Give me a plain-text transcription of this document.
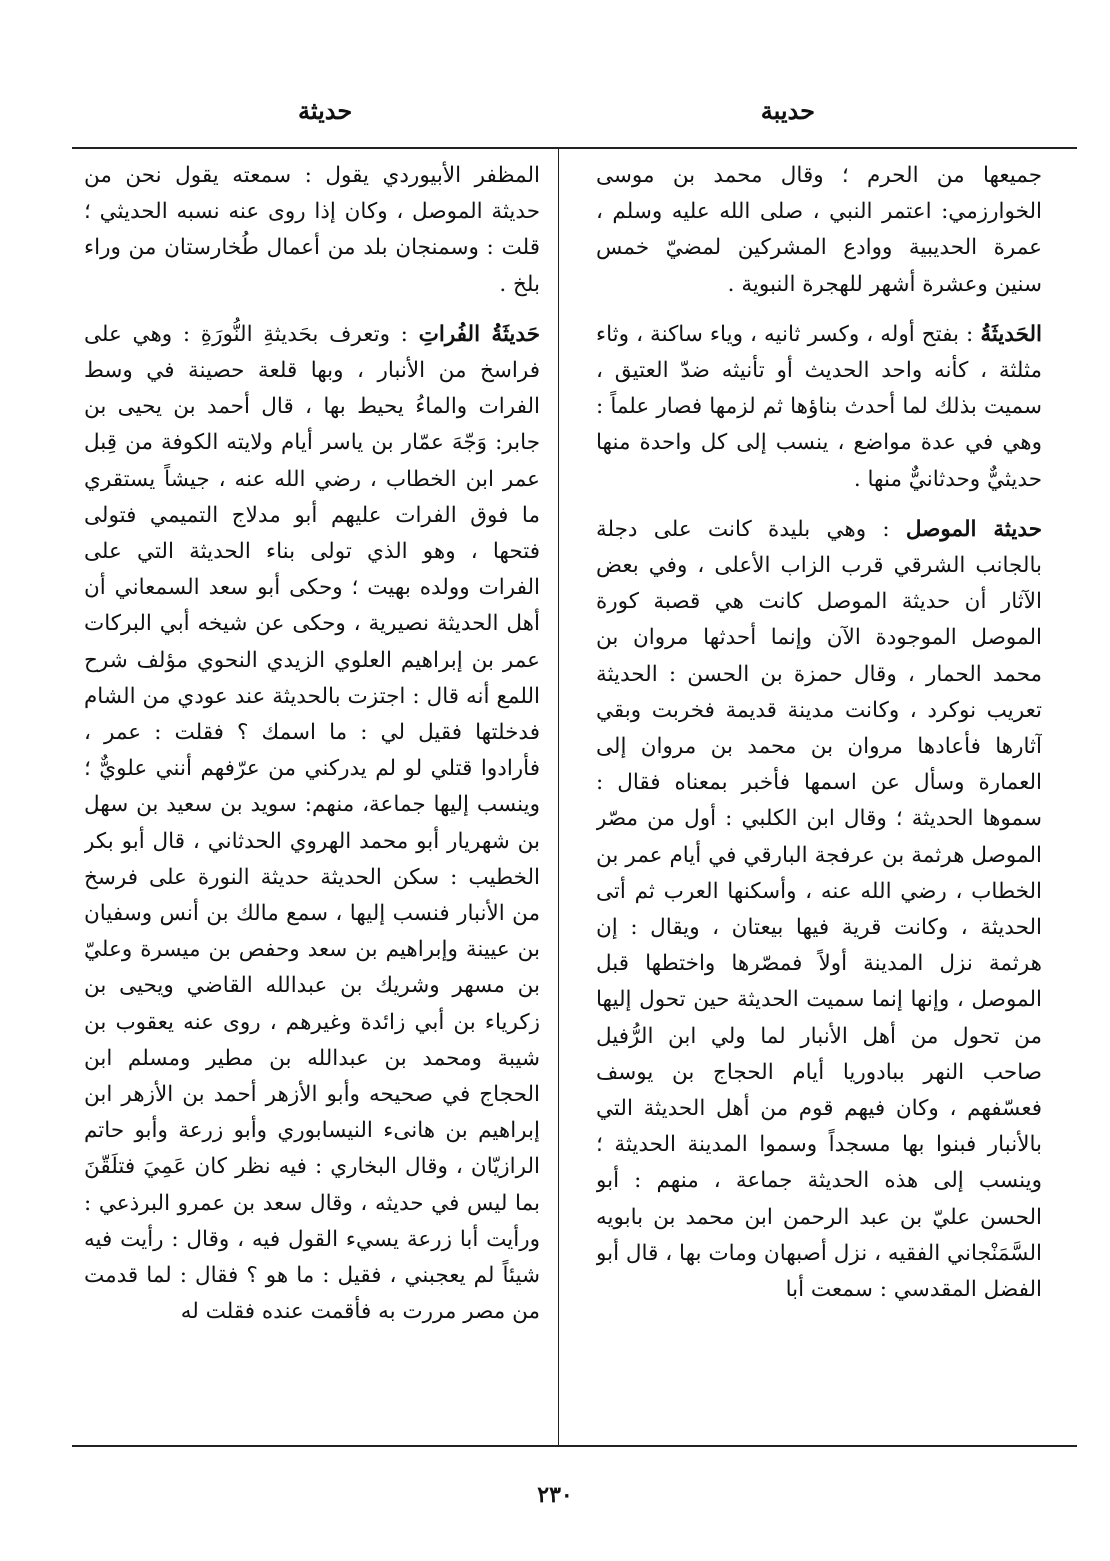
حديبة
حديثة

جميعها من الحرم ؛ وقال محمد بن موسى الخوارزمي: اعتمر النبي ، صلى الله عليه وسلم ، عمرة الحديبية ووادع المشركين لمضيّ خمس سنين وعشرة أشهر للهجرة النبوية .

الحَديثَةُ : بفتح أوله ، وكسر ثانيه ، وياء ساكنة ، وثاء مثلثة ، كأنه واحد الحديث أو تأنيثه ضدّ العتيق ، سميت بذلك لما أحدث بناؤها ثم لزمها فصار علماً : وهي في عدة مواضع ، ينسب إلى كل واحدة منها حديثيٌّ وحدثانيٌّ منها .

حديثة الموصل : وهي بليدة كانت على دجلة بالجانب الشرقي قرب الزاب الأعلى ، وفي بعض الآثار أن حديثة الموصل كانت هي قصبة كورة الموصل الموجودة الآن وإنما أحدثها مروان بن محمد الحمار ، وقال حمزة بن الحسن : الحديثة تعريب نوكرد ، وكانت مدينة قديمة فخربت وبقي آثارها فأعادها مروان بن محمد بن مروان إلى العمارة وسأل عن اسمها فأخبر بمعناه فقال : سموها الحديثة ؛ وقال ابن الكلبي : أول من مصّر الموصل هرثمة بن عرفجة البارقي في أيام عمر بن الخطاب ، رضي الله عنه ، وأسكنها العرب ثم أتى الحديثة ، وكانت قرية فيها بيعتان ، ويقال : إن هرثمة نزل المدينة أولاً فمصّرها واختطها قبل الموصل ، وإنها إنما سميت الحديثة حين تحول إليها من تحول من أهل الأنبار لما ولي ابن الرُّفيل صاحب النهر ببادوريا أيام الحجاج بن يوسف فعسّفهم ، وكان فيهم قوم من أهل الحديثة التي بالأنبار فبنوا بها مسجداً وسموا المدينة الحديثة ؛ وينسب إلى هذه الحديثة جماعة ، منهم : أبو الحسن عليّ بن عبد الرحمن ابن محمد بن بابويه السَّمَنْجاني الفقيه ، نزل أصبهان ومات بها ، قال أبو الفضل المقدسي : سمعت أبا

المظفر الأبيوردي يقول : سمعته يقول نحن من حديثة الموصل ، وكان إذا روى عنه نسبه الحديثي ؛ قلت : وسمنجان بلد من أعمال طُخارستان من وراء بلخ .

حَديثَةُ الفُراتِ : وتعرف بحَديثةِ النُّورَةِ : وهي على فراسخ من الأنبار ، وبها قلعة حصينة في وسط الفرات والماءُ يحيط بها ، قال أحمد بن يحيى بن جابر: وَجّهَ عمّار بن ياسر أيام ولايته الكوفة من قِبل عمر ابن الخطاب ، رضي الله عنه ، جيشاً يستقري ما فوق الفرات عليهم أبو مدلاج التميمي فتولى فتحها ، وهو الذي تولى بناء الحديثة التي على الفرات وولده بهيت ؛ وحكى أبو سعد السمعاني أن أهل الحديثة نصيرية ، وحكى عن شيخه أبي البركات عمر بن إبراهيم العلوي الزيدي النحوي مؤلف شرح اللمع أنه قال : اجتزت بالحديثة عند عودي من الشام فدخلتها فقيل لي : ما اسمك ؟ فقلت : عمر ، فأرادوا قتلي لو لم يدركني من عرّفهم أنني علويٌّ ؛ وينسب إليها جماعة، منهم: سويد بن سعيد بن سهل بن شهريار أبو محمد الهروي الحدثاني ، قال أبو بكر الخطيب : سكن الحديثة حديثة النورة على فرسخ من الأنبار فنسب إليها ، سمع مالك بن أنس وسفيان بن عيينة وإبراهيم بن سعد وحفص بن ميسرة وعليّ بن مسهر وشريك بن عبدالله القاضي ويحيى بن زكرياء بن أبي زائدة وغيرهم ، روى عنه يعقوب بن شيبة ومحمد بن عبدالله بن مطير ومسلم ابن الحجاج في صحيحه وأبو الأزهر أحمد بن الأزهر ابن إبراهيم بن هانىء النيسابوري وأبو زرعة وأبو حاتم الرازيّان ، وقال البخاري : فيه نظر كان عَمِيَ فتلَقّنَ بما ليس في حديثه ، وقال سعد بن عمرو البرذعي : ورأيت أبا زرعة يسيء القول فيه ، وقال : رأيت فيه شيئاً لم يعجبني ، فقيل : ما هو ؟ فقال : لما قدمت من مصر مررت به فأقمت عنده فقلت له

٢٣٠
